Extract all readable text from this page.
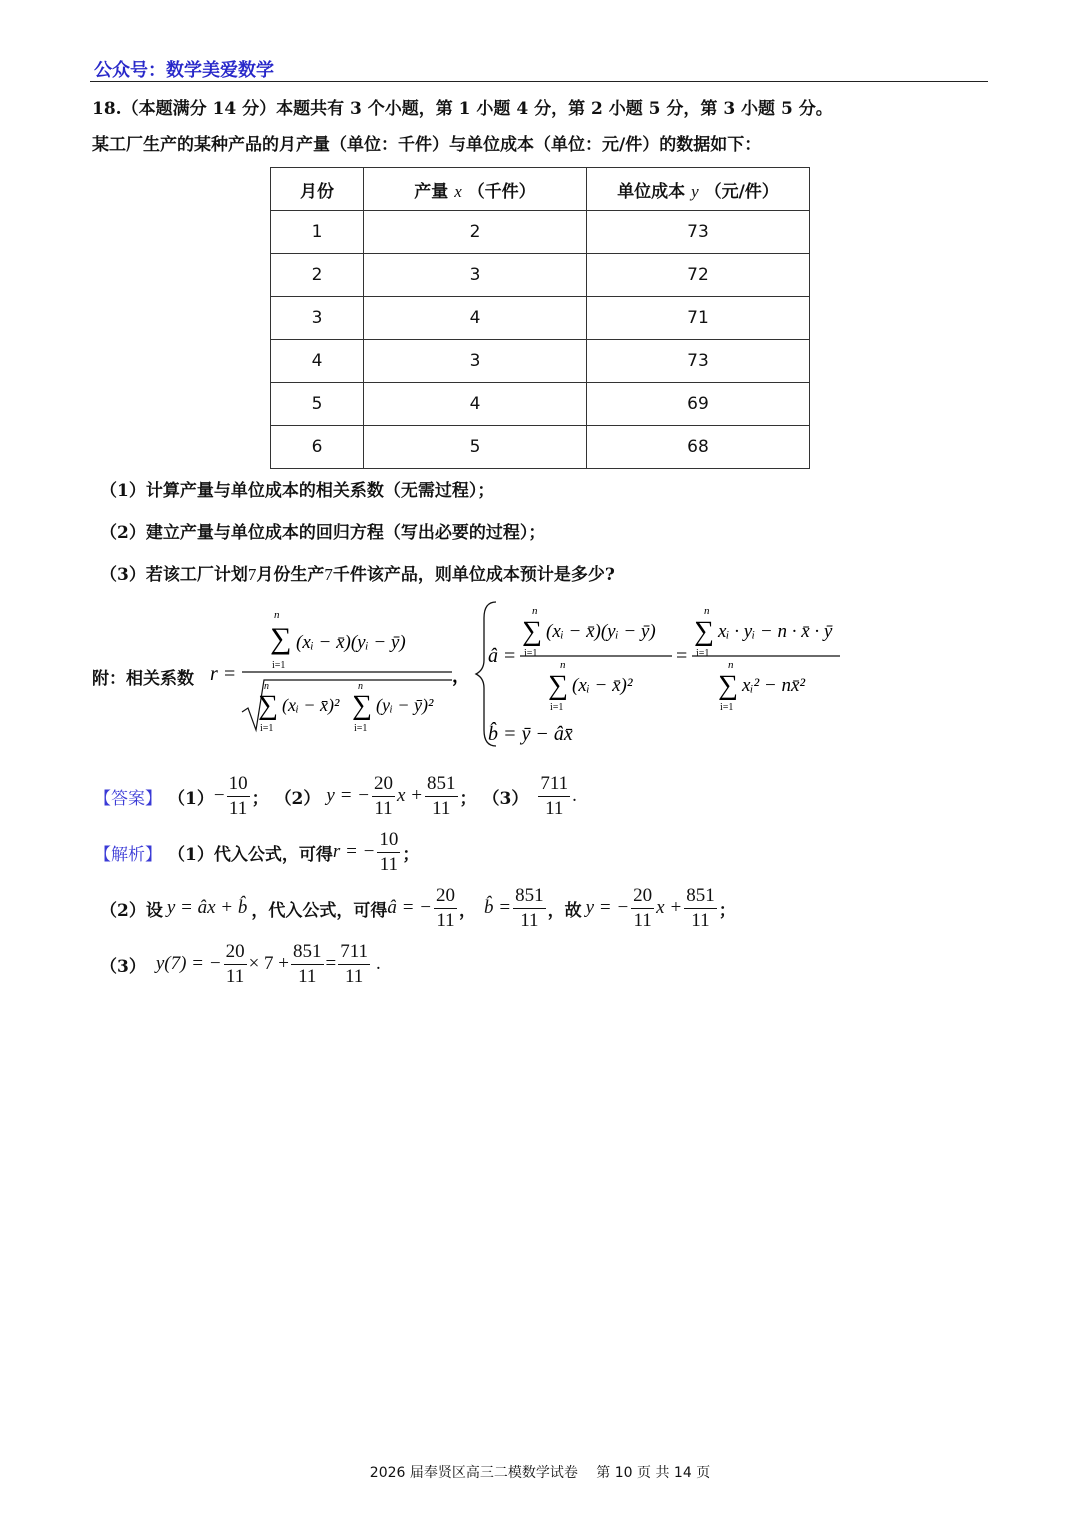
公众号：数学美爱数学
18.（本题满分 14 分）本题共有 3 个小题，第 1 小题 4 分，第 2 小题 5 分，第 3 小题 5 分。
某工厂生产的某种产品的月产量（单位：千件）与单位成本（单位：元/件）的数据如下：
月份	产量 x （千件）	单位成本 y （元/件）
1	2	73
2	3	72
3	4	71
4	3	73
5	4	69
6	5	68
（1）计算产量与单位成本的相关系数（无需过程）；
（2）建立产量与单位成本的回归方程（写出必要的过程）；
（3）若该工厂计划7月份生产7千件该产品，则单位成本预计是多少?
附：相关系数 r =
n
∑
i=1
(xᵢ − x̄)(yᵢ − ȳ)
n
∑
i=1
(xᵢ − x̄)²
n
∑
i=1
(yᵢ − ȳ)²
，
â =
n
∑
i=1
(xᵢ − x̄)(yᵢ − ȳ)
n
∑
i=1
(xᵢ − x̄)²
=
n
∑
i=1
xᵢ · yᵢ − n · x̄ · ȳ
n
∑
i=1
xᵢ² − nx̄²
b̂ = ȳ − âx̄
【答案】 $(1) - \frac{10}{11}$ ； （2） y = − $\frac{20}{11}$ $x + \frac{851}{11}$ ； $(3) \frac{711}{11}$ .
【解析】 （1）代入公式，可得 r = − $\frac{10}{11}$ ；
（2）设 y = âx + b̂ ，代入公式，可得 â = − $\frac{20}{11}$ ， b̂ = $\frac{851}{11}$ ，故 y = − $\frac{20}{11}$ $x + \frac{851}{11}$ ；
（3） y(7) = − $\frac{20}{11} \times 7 + \frac{851}{11} = \frac{711}{11}$ .
2026 届奉贤区高三二模数学试卷　 第 10 页 共 14 页
